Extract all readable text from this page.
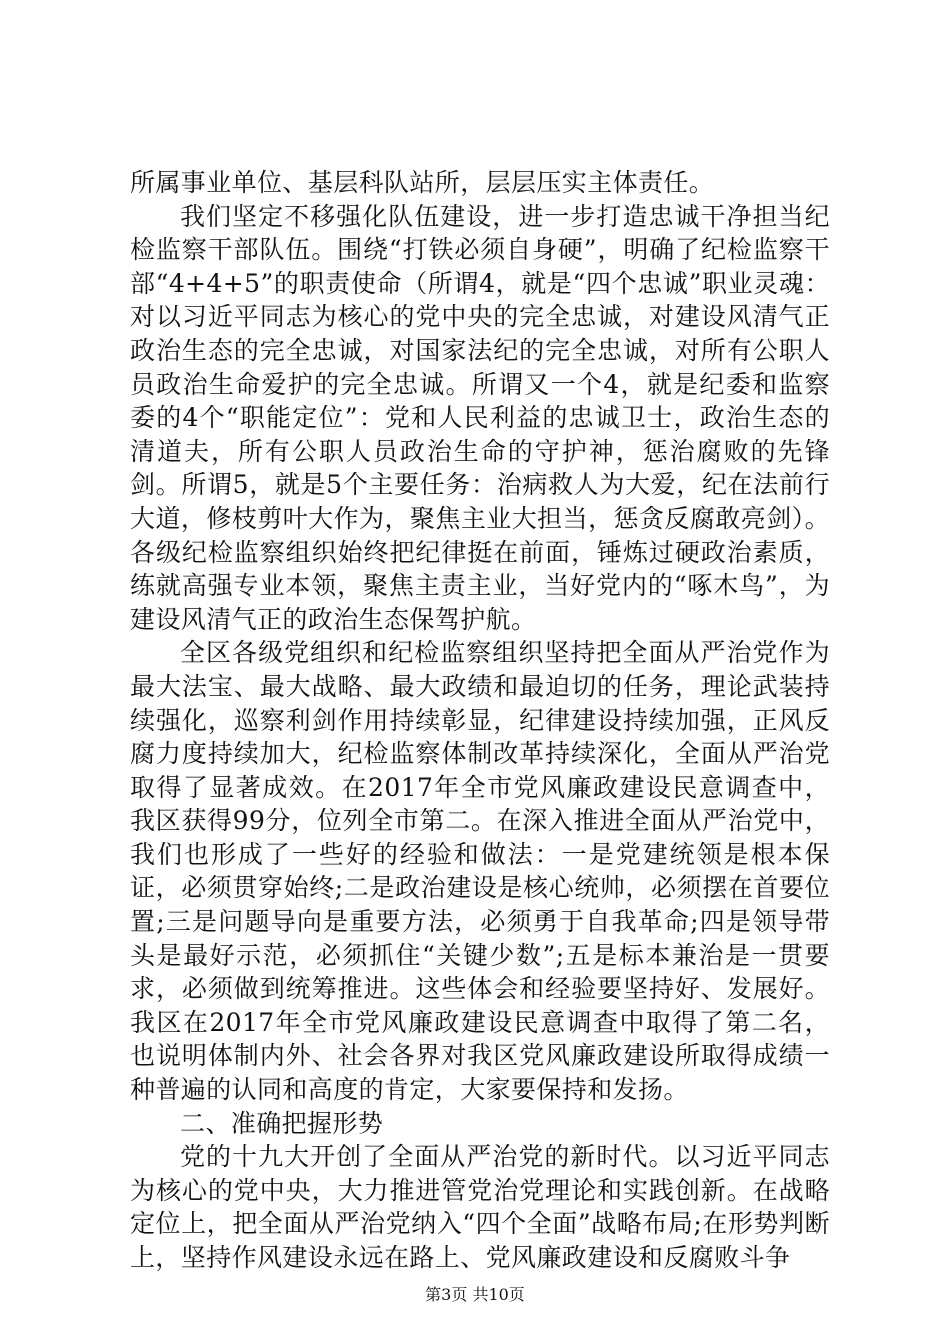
所属事业单位、基层科队站所，层层压实主体责任。

我们坚定不移强化队伍建设，进一步打造忠诚干净担当纪检监察干部队伍。围绕“打铁必须自身硬”，明确了纪检监察干部“4+4+5”的职责使命（所谓4，就是“四个忠诚”职业灵魂：对以习近平同志为核心的党中央的完全忠诚，对建设风清气正政治生态的完全忠诚，对国家法纪的完全忠诚，对所有公职人员政治生命爱护的完全忠诚。所谓又一个4，就是纪委和监察委的4个“职能定位”：党和人民利益的忠诚卫士，政治生态的清道夫，所有公职人员政治生命的守护神，惩治腐败的先锋剑。所谓5，就是5个主要任务：治病救人为大爱，纪在法前行大道，修枝剪叶大作为，聚焦主业大担当，惩贪反腐敢亮剑）。各级纪检监察组织始终把纪律挺在前面，锤炼过硬政治素质，练就高强专业本领，聚焦主责主业，当好党内的“啄木鸟”，为建设风清气正的政治生态保驾护航。

全区各级党组织和纪检监察组织坚持把全面从严治党作为最大法宝、最大战略、最大政绩和最迫切的任务，理论武装持续强化，巡察利剑作用持续彰显，纪律建设持续加强，正风反腐力度持续加大，纪检监察体制改革持续深化，全面从严治党取得了显著成效。在2017年全市党风廉政建设民意调查中，我区获得99分，位列全市第二。在深入推进全面从严治党中，我们也形成了一些好的经验和做法：一是党建统领是根本保证，必须贯穿始终;二是政治建设是核心统帅，必须摆在首要位置;三是问题导向是重要方法，必须勇于自我革命;四是领导带头是最好示范，必须抓住“关键少数”;五是标本兼治是一贯要求，必须做到统筹推进。这些体会和经验要坚持好、发展好。我区在2017年全市党风廉政建设民意调查中取得了第二名，也说明体制内外、社会各界对我区党风廉政建设所取得成绩一种普遍的认同和高度的肯定，大家要保持和发扬。

二、准确把握形势

党的十九大开创了全面从严治党的新时代。以习近平同志为核心的党中央，大力推进管党治党理论和实践创新。在战略定位上，把全面从严治党纳入“四个全面”战略布局;在形势判断上，坚持作风建设永远在路上、党风廉政建设和反腐败斗争

第3页 共10页
